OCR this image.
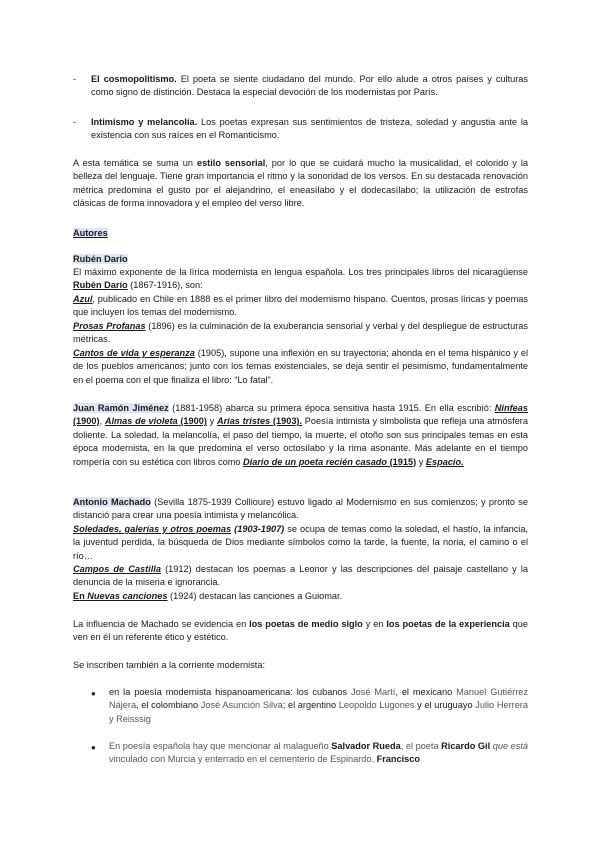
-	El cosmopolitismo. El poeta se siente ciudadano del mundo. Por ello alude a otros países y culturas como signo de distinción. Destaca la especial devoción de los modernistas por París.

-	Intimismo y melancolía. Los poetas expresan sus sentimientos de tristeza, soledad y angustia ante la existencia con sus raíces en el Romanticismo.

A esta temática se suma un estilo sensorial, por lo que se cuidará mucho la musicalidad, el colorido y la belleza del lenguaje. Tiene gran importancia el ritmo y la sonoridad de los versos. En su destacada renovación métrica predomina el gusto por el alejandrino, el eneasílabo y el dodecasílabo; la utilización de estrofas clásicas de forma innovadora y el empleo del verso libre.

Autores

Rubén Darío

El máximo exponente de la lírica modernista en lengua española. Los tres principales libros del nicaragüense Rubén Darío (1867-1916), son:

Azul, publicado en Chile en 1888 es el primer libro del modernismo hispano. Cuentos, prosas líricas y poemas que incluyen los temas del modernismo.

Prosas Profanas (1896) es la culminación de la exuberancia sensorial y verbal y del despliegue de estructuras métricas.

Cantos de vida y esperanza (1905), supone una inflexión en su trayectoria; ahonda en el tema hispánico y el de los pueblos americanos; junto con los temas existenciales, se deja sentir el pesimismo, fundamentalmente en el poema con el que finaliza el libro: “Lo fatal”.

Juan Ramón Jiménez (1881-1958) abarca su primera época sensitiva hasta 1915. En ella escribió: Ninfeas (1900), Almas de violeta (1900) y Arias tristes (1903). Poesía intimista y simbolista que refleja una atmósfera doliente. La soledad, la melancolía, el paso del tiempo, la muerte, el otoño son sus principales temas en esta época modernista, en la que predomina el verso octosílabo y la rima asonante. Más adelante en el tiempo rompería con su estética con libros como Diario de un poeta recién casado (1915) y Espacio.

Antonio Machado (Sevilla 1875-1939 Collioure) estuvo ligado al Modernismo en sus comienzos; y pronto se distanció para crear una poesía intimista y melancólica.

Soledades, galerías y otros poemas (1903-1907) se ocupa de temas como la soledad, el hastío, la infancia, la juventud perdida, la búsqueda de Dios mediante símbolos como la tarde, la fuente, la noria, el camino o el río…

Campos de Castilla (1912) destacan los poemas a Leonor y las descripciones del paisaje castellano y la denuncia de la miseria e ignorancia.

En Nuevas canciones (1924) destacan las canciones a Guiomar.

La influencia de Machado se evidencia en los poetas de medio siglo y en los poetas de la experiencia que ven en él un referente ético y estético.

Se inscriben también a la corriente modernista:

●	en la poesía modernista hispanoamericana: los cubanos José Martí, el mexicano Manuel Gutiérrez Nájera, el colombiano José Asunción Silva; el argentino Leopoldo Lugones y el uruguayo Julio Herrera y Reisssig

●	En poesía española hay que mencionar al malagueño Salvador Rueda, el poeta Ricardo Gil que está vinculado con Murcia y enterrado en el cementerio de Espinardo. Francisco
